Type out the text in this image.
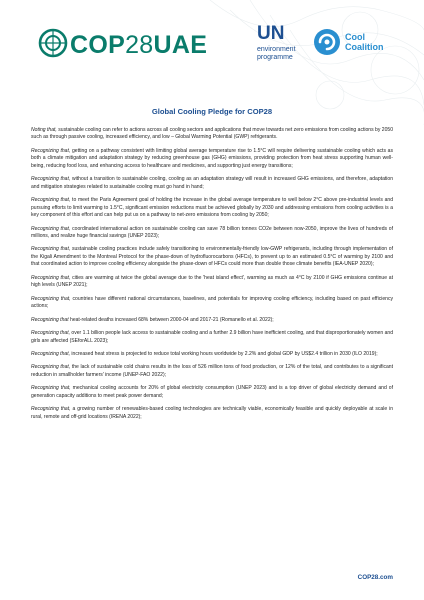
COP28UAE	UN
environment
programme
Cool
Coalition
Global Cooling Pledge for COP28

Noting that, sustainable cooling can refer to actions across all cooling sectors and applications that move towards net zero emissions from cooling actions by 2050 such as through passive cooling, increased efficiency, and low – Global Warming Potential (GWP) refrigerants.

Recognizing that, getting on a pathway consistent with limiting global average temperature rise to 1.5°C will require delivering sustainable cooling which acts as both a climate mitigation and adaptation strategy by reducing greenhouse gas (GHG) emissions, providing protection from heat stress supporting human well-being, reducing food loss, and enhancing access to healthcare and medicines, and supporting just energy transitions;

Recognizing that, without a transition to sustainable cooling, cooling as an adaptation strategy will result in increased GHG emissions, and therefore, adaptation and mitigation strategies related to sustainable cooling must go hand in hand;

Recognizing that, to meet the Paris Agreement goal of holding the increase in the global average temperature to well below 2°C above pre-industrial levels and pursuing efforts to limit warming to 1.5°C, significant emission reductions must be achieved globally by 2030 and addressing emissions from cooling activities is a key component of this effort and can help put us on a pathway to net-zero emissions from cooling by 2050;

Recognizing that, coordinated international action on sustainable cooling can save 78 billion tonnes CO2e between now-2050, improve the lives of hundreds of millions, and realize huge financial savings (UNEP 2023);

Recognizing that, sustainable cooling practices include safely transitioning to environmentally-friendly low-GWP refrigerants, including through implementation of the Kigali Amendment to the Montreal Protocol for the phase-down of hydrofluorocarbons (HFCs), to prevent up to an estimated 0.5°C of warming by 2100 and that coordinated action to improve cooling efficiency alongside the phase-down of HFCs could more than double those climate benefits (IEA-UNEP 2020);

Recognizing that, cities are warming at twice the global average due to the 'heat island effect', warming as much as 4°C by 2100 if GHG emissions continue at high levels (UNEP 2021);

Recognizing that, countries have different national circumstances, baselines, and potentials for improving cooling efficiency, including based on past efficiency actions;

Recognizing that heat-related deaths increased 68% between 2000-04 and 2017-21 (Romanello et al. 2022);

Recognizing that, over 1.1 billion people lack access to sustainable cooling and a further 2.9 billion have inefficient cooling, and that disproportionately women and girls are affected (SEforALL 2023);

Recognizing that, increased heat stress is projected to reduce total working hours worldwide by 2.2% and global GDP by US$2.4 trillion in 2030 (ILO 2019);

Recognizing that, the lack of sustainable cold chains results in the loss of 526 million tons of food production, or 12% of the total, and contributes to a significant reduction in smallholder farmers' income (UNEP-FAO 2022);

Recognizing that, mechanical cooling accounts for 20% of global electricity consumption (UNEP 2023) and is a top driver of global electricity demand and of generation capacity additions to meet peak power demand;

Recognizing that, a growing number of renewables-based cooling technologies are technically viable, economically feasible and quickly deployable at scale in rural, remote and off-grid locations (IRENA 2022);

COP28.com
